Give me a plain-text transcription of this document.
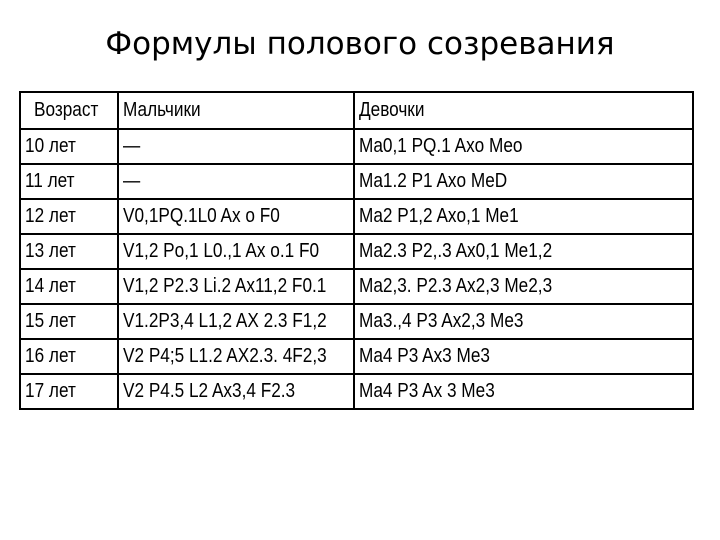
Формулы полового созревания
Возраст	Мальчики	Девочки
10 лет	—	Ma0,1 PQ.1 Axo Meo
11 лет	—	Ma1.2 P1 Axo MeD
12 лет	V0,1PQ.1L0 Ax o F0	Ma2 P1,2 Axo,1 Me1
13 лет	V1,2 Po,1 L0.,1 Ax o.1 F0	Ma2.3 P2,.3 Ax0,1 Me1,2
14 лет	V1,2 P2.3 Li.2 Ax11,2 F0.1	Ma2,3. P2.3 Ax2,3 Me2,3
15 лет	V1.2P3,4 L1,2 AX 2.3 F1,2	Ma3.,4 P3 Ax2,3 Me3
16 лет	V2 P4;5 L1.2 AX2.3. 4F2,3	Ma4 P3 Ax3 Me3
17 лет	V2 P4.5 L2 Ax3,4 F2.3	Ma4 P3 Ax 3 Me3
